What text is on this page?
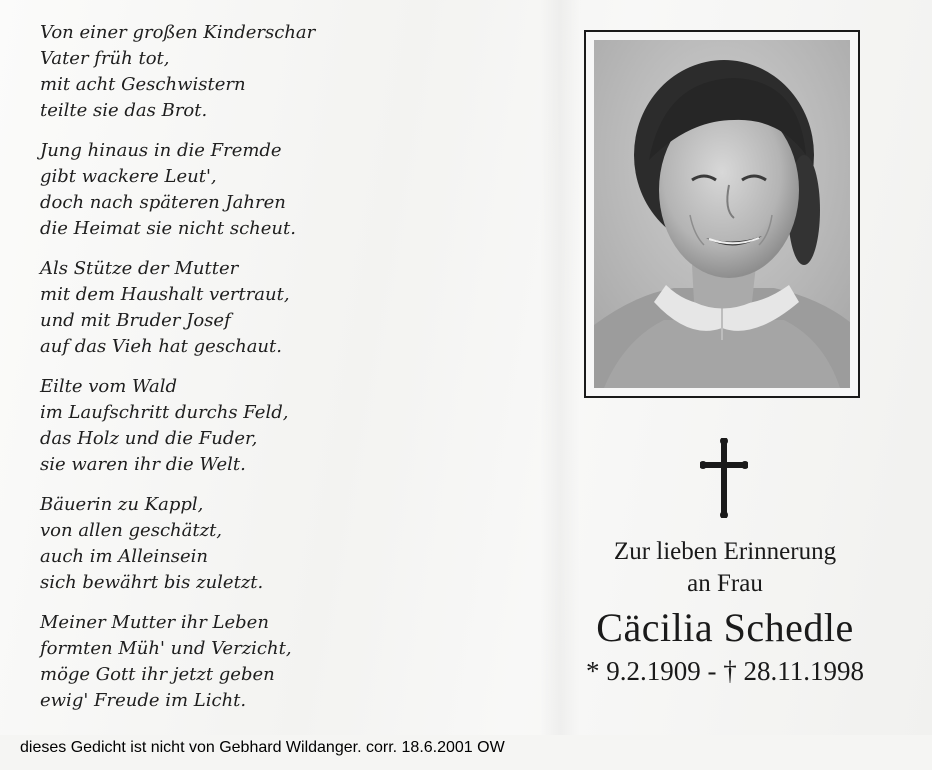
Von einer großen Kinderschar
Vater früh tot,
mit acht Geschwistern
teilte sie das Brot.
Jung hinaus in die Fremde
gibt wackere Leut',
doch nach späteren Jahren
die Heimat sie nicht scheut.
Als Stütze der Mutter
mit dem Haushalt vertraut,
und mit Bruder Josef
auf das Vieh hat geschaut.
Eilte vom Wald
im Laufschritt durchs Feld,
das Holz und die Fuder,
sie waren ihr die Welt.
Bäuerin zu Kappl,
von allen geschätzt,
auch im Alleinsein
sich bewährt bis zuletzt.
Meiner Mutter ihr Leben
formten Müh' und Verzicht,
möge Gott ihr jetzt geben
ewig' Freude im Licht.
Zur lieben Erinnerung
an Frau
Cäcilia Schedle
* 9.2.1909 - † 28.11.1998
dieses Gedicht ist nicht von Gebhard Wildanger. corr. 18.6.2001 OW
